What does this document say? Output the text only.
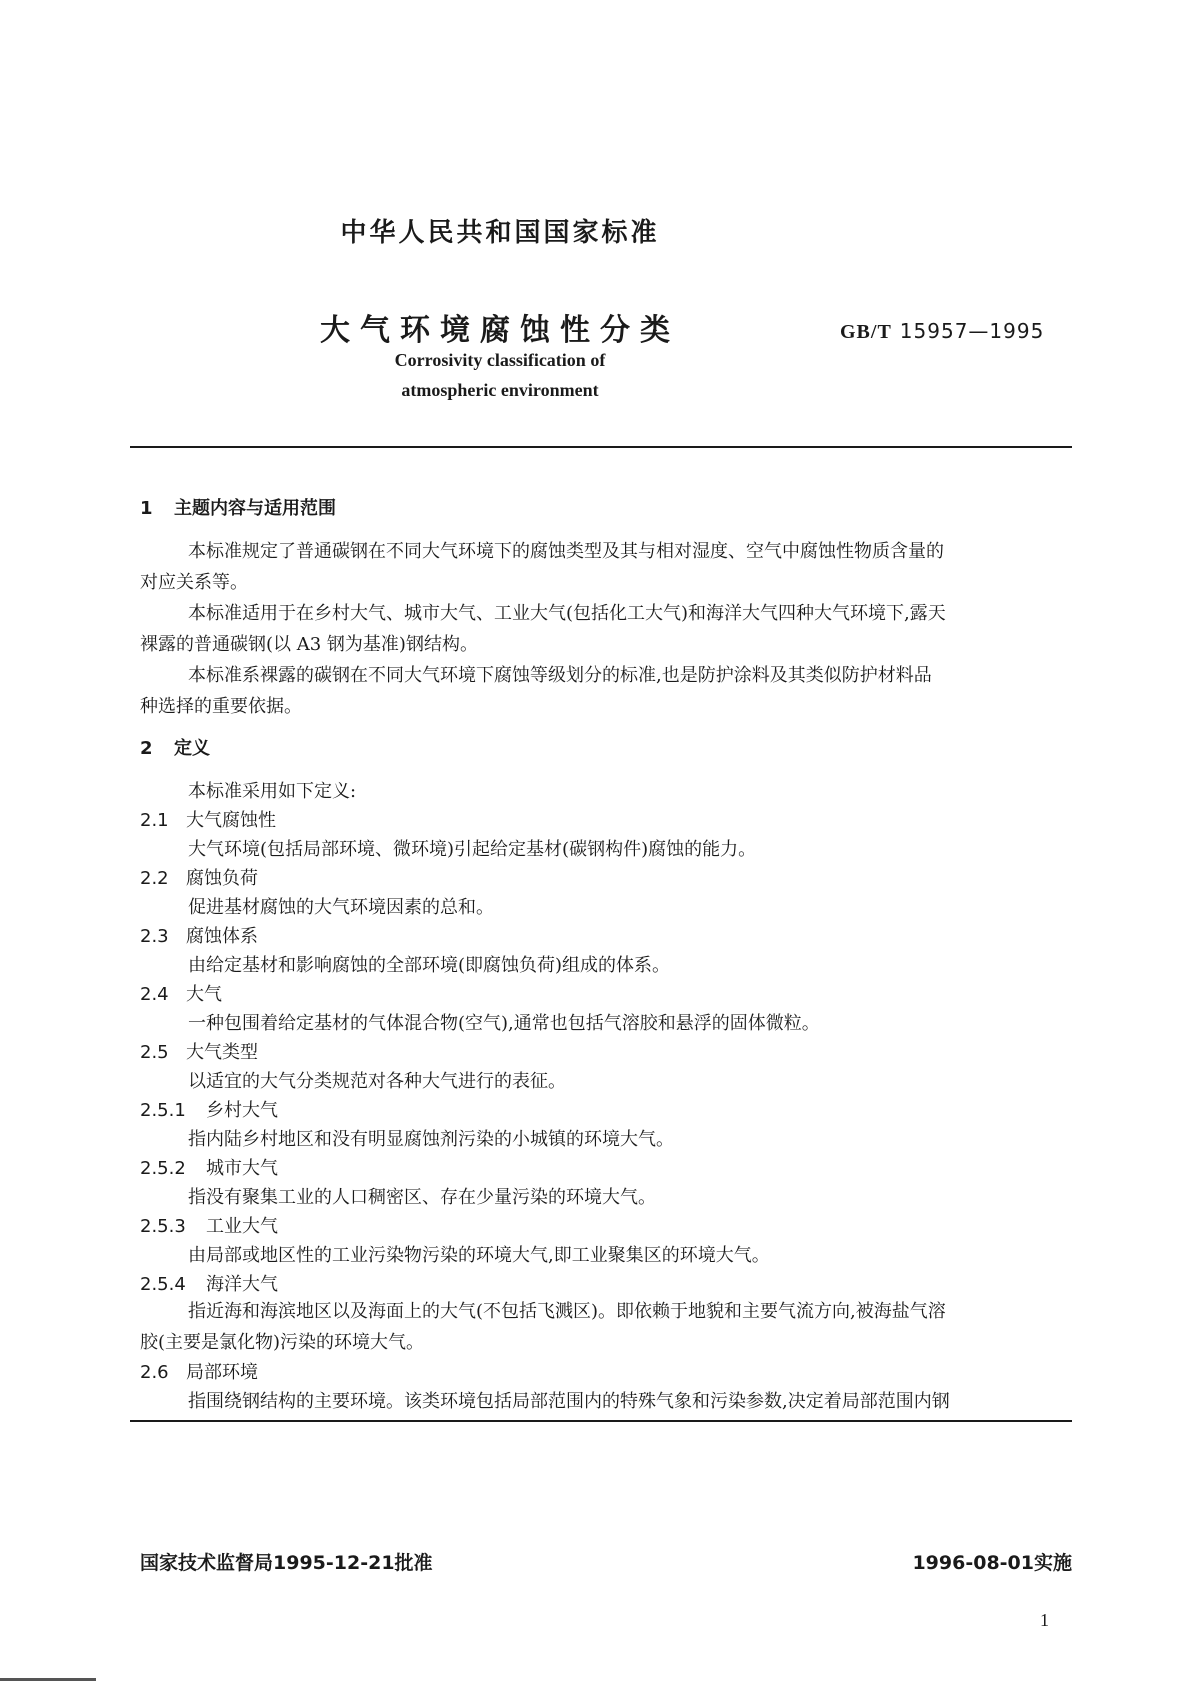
中华人民共和国国家标准
大气环境腐蚀性分类	GB/T 15957—1995
Corrosivity classification of
atmospheric environment
1 主题内容与适用范围
本标准规定了普通碳钢在不同大气环境下的腐蚀类型及其与相对湿度、空气中腐蚀性物质含量的
对应关系等。
本标准适用于在乡村大气、城市大气、工业大气(包括化工大气)和海洋大气四种大气环境下,露天
裸露的普通碳钢(以 A3 钢为基准)钢结构。
本标准系裸露的碳钢在不同大气环境下腐蚀等级划分的标准,也是防护涂料及其类似防护材料品
种选择的重要依据。
2 定义
本标准采用如下定义:
2.1 大气腐蚀性
大气环境(包括局部环境、微环境)引起给定基材(碳钢构件)腐蚀的能力。
2.2 腐蚀负荷
促进基材腐蚀的大气环境因素的总和。
2.3 腐蚀体系
由给定基材和影响腐蚀的全部环境(即腐蚀负荷)组成的体系。
2.4 大气
一种包围着给定基材的气体混合物(空气),通常也包括气溶胶和悬浮的固体微粒。
2.5 大气类型
以适宜的大气分类规范对各种大气进行的表征。
2.5.1 乡村大气
指内陆乡村地区和没有明显腐蚀剂污染的小城镇的环境大气。
2.5.2 城市大气
指没有聚集工业的人口稠密区、存在少量污染的环境大气。
2.5.3 工业大气
由局部或地区性的工业污染物污染的环境大气,即工业聚集区的环境大气。
2.5.4 海洋大气
指近海和海滨地区以及海面上的大气(不包括飞溅区)。即依赖于地貌和主要气流方向,被海盐气溶
胶(主要是氯化物)污染的环境大气。
2.6 局部环境
指围绕钢结构的主要环境。该类环境包括局部范围内的特殊气象和污染参数,决定着局部范围内钢
国家技术监督局1995-12-21批准	1996-08-01实施
1
